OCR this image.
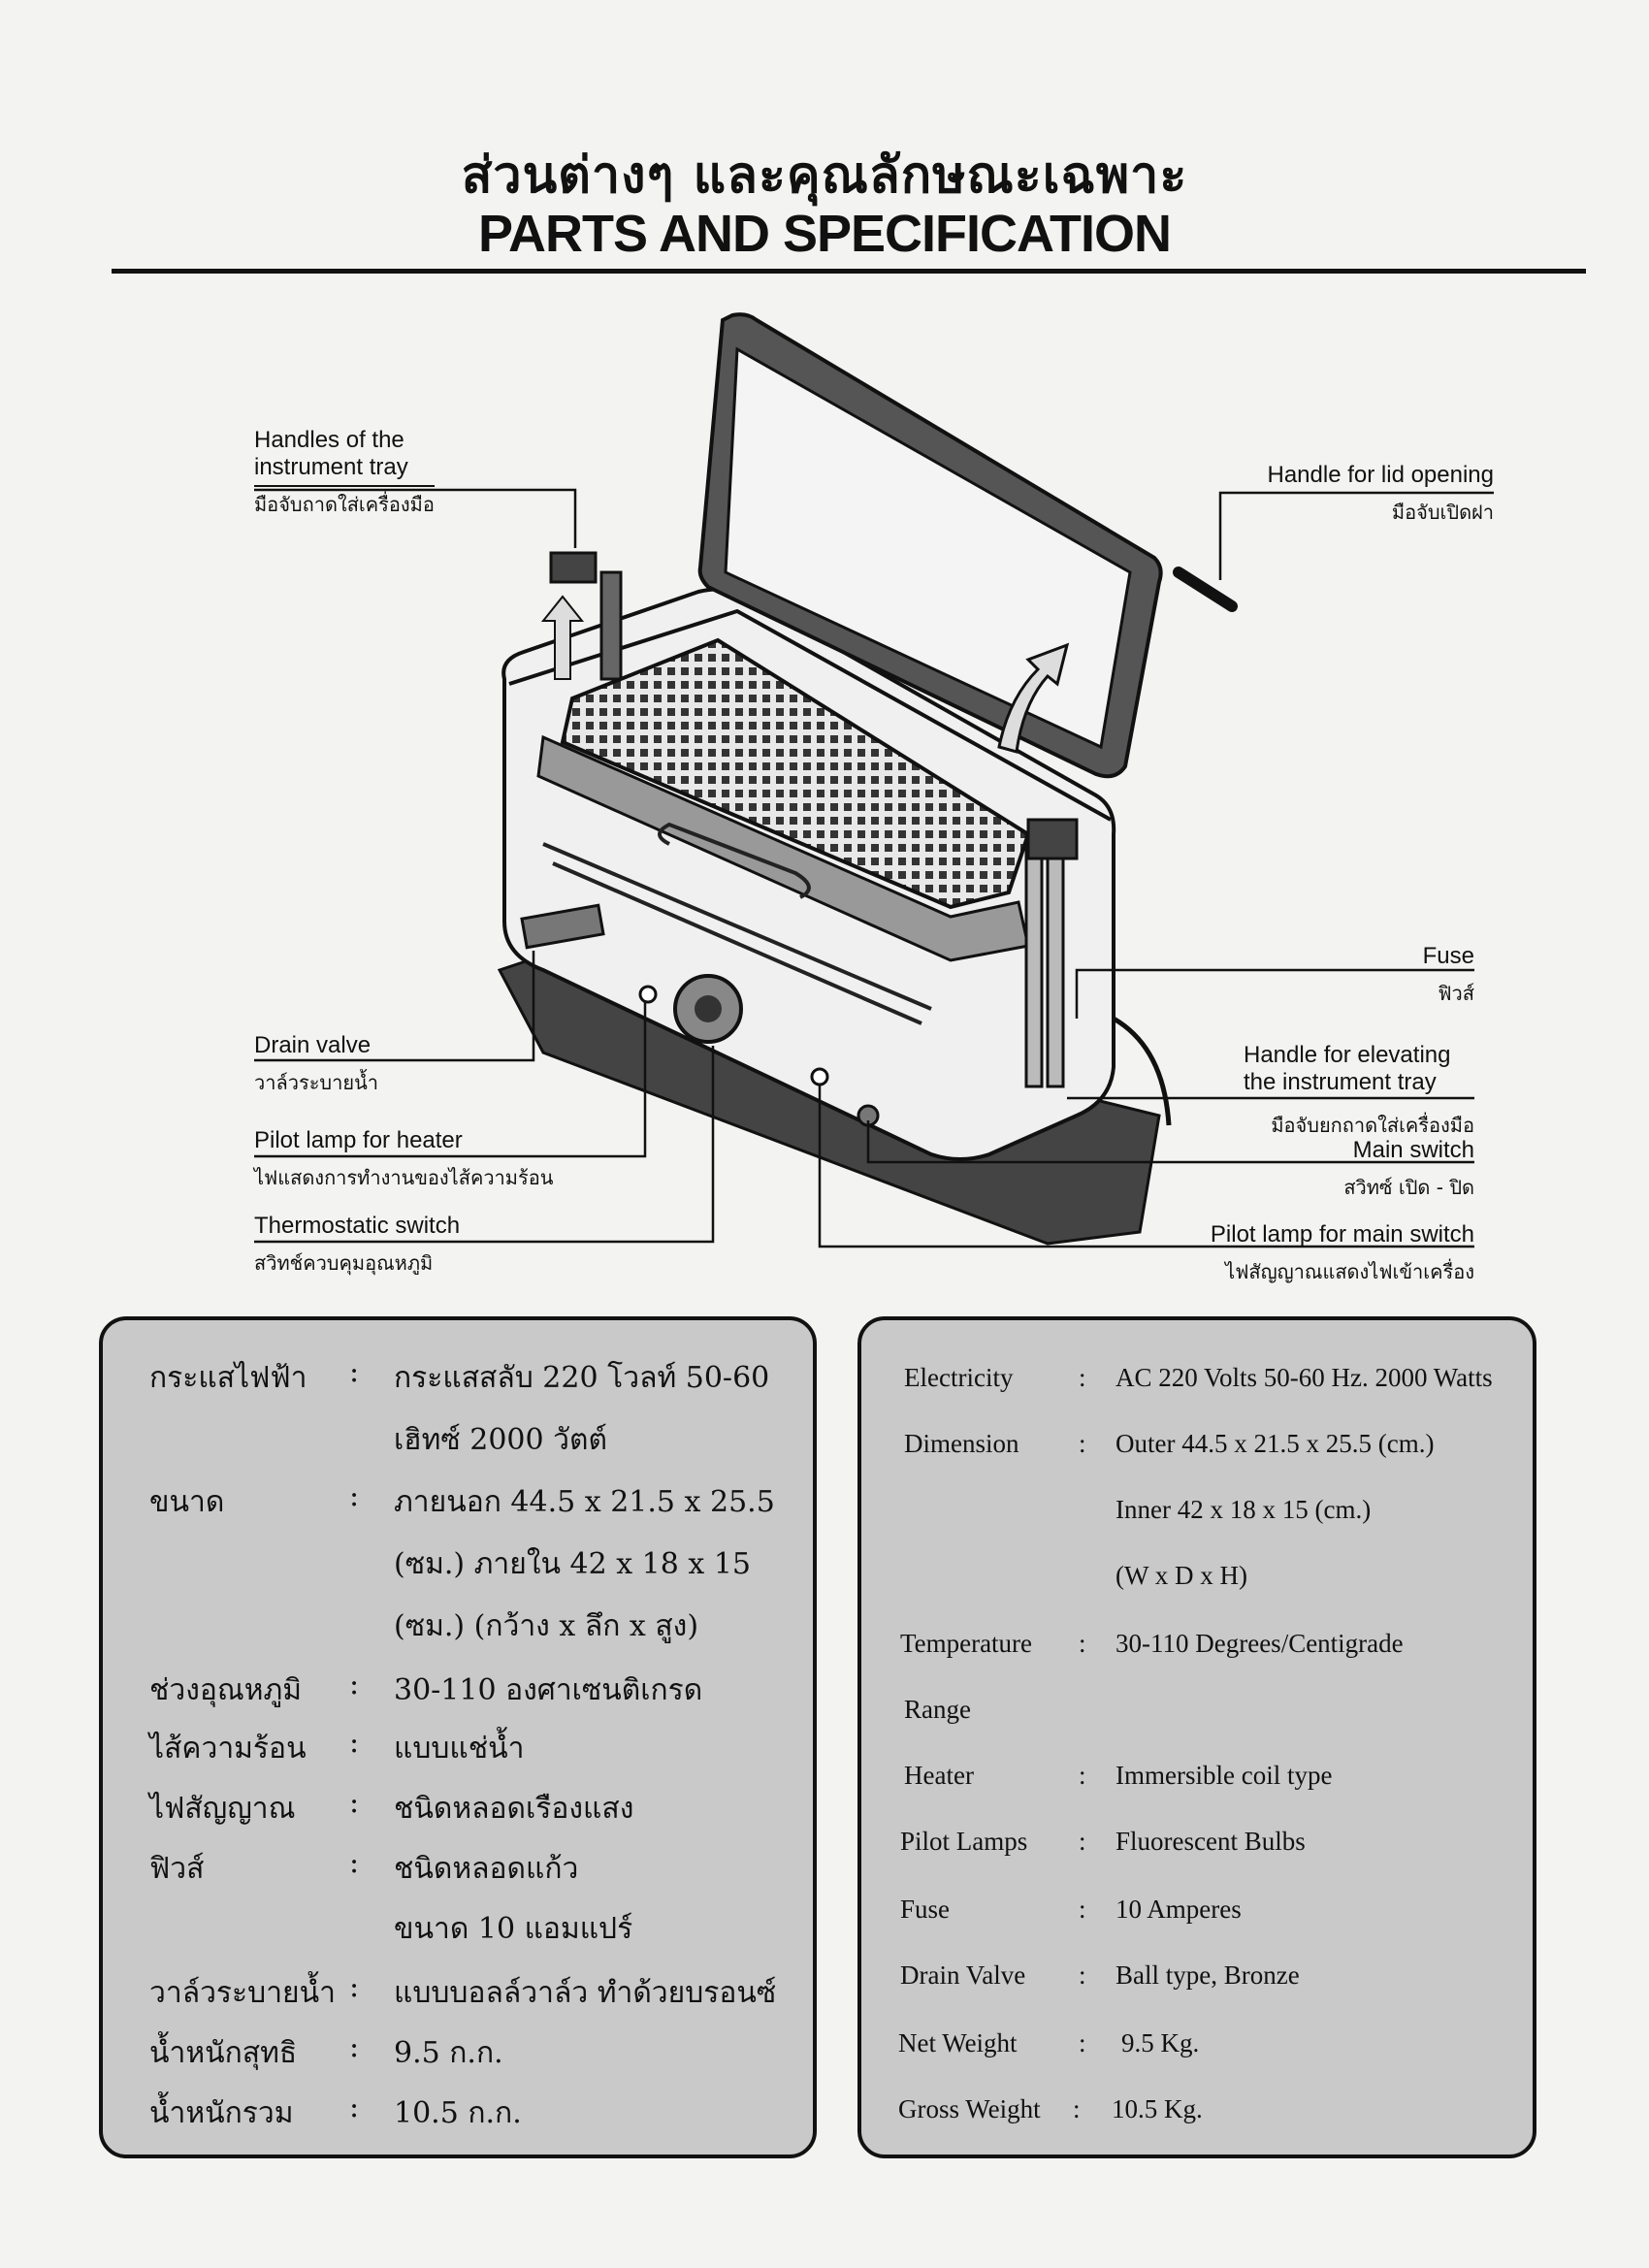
ส่วนต่างๆ และคุณลักษณะเฉพาะ
PARTS AND SPECIFICATION
Handles of the
instrument tray
มือจับถาดใส่เครื่องมือ
Handle for lid opening
มือจับเปิดฝา
Fuse
ฟิวส์
Handle for elevating
the instrument tray
มือจับยกถาดใส่เครื่องมือ
Main switch
สวิทซ์ เปิด - ปิด
Pilot lamp for main switch
ไฟสัญญาณแสดงไฟเข้าเครื่อง
Drain valve
วาล์วระบายน้ำ
Pilot lamp for heater
ไฟแสดงการทำงานของไส้ความร้อน
Thermostatic switch
สวิทช์ควบคุมอุณหภูมิ
กระแสไฟฟ้า : กระแสสลับ 220 โวลท์ 50-60
เฮิทซ์ 2000 วัตต์
ขนาด	: ภายนอก 44.5 x 21.5 x 25.5
(ซม.) ภายใน 42 x 18 x 15
(ซม.) (กว้าง x ลึก x สูง)
ช่วงอุณหภูมิ : 30-110 องศาเซนติเกรด
ไส้ความร้อน : แบบแช่น้ำ
ไฟสัญญาณ : ชนิดหลอดเรืองแสง
ฟิวส์	: ชนิดหลอดแก้ว
ขนาด 10 แอมแปร์
วาล์วระบายน้ำ : แบบบอลล์วาล์ว ทำด้วยบรอนซ์
น้ำหนักสุทธิ : 9.5 ก.ก.
น้ำหนักรวม : 10.5 ก.ก.
Electricity	: AC 220 Volts 50-60 Hz. 2000 Watts
Dimension : Outer 44.5 x 21.5 x 25.5 (cm.)
Inner 42 x 18 x 15 (cm.)
(W x D x H)
Temperature : 30-110 Degrees/Centigrade
Range
Heater	: Immersible coil type
Pilot Lamps : Fluorescent Bulbs
Fuse	: 10 Amperes
Drain Valve : Ball type, Bronze
Net Weight : 9.5 Kg.
Gross Weight : 10.5 Kg.
